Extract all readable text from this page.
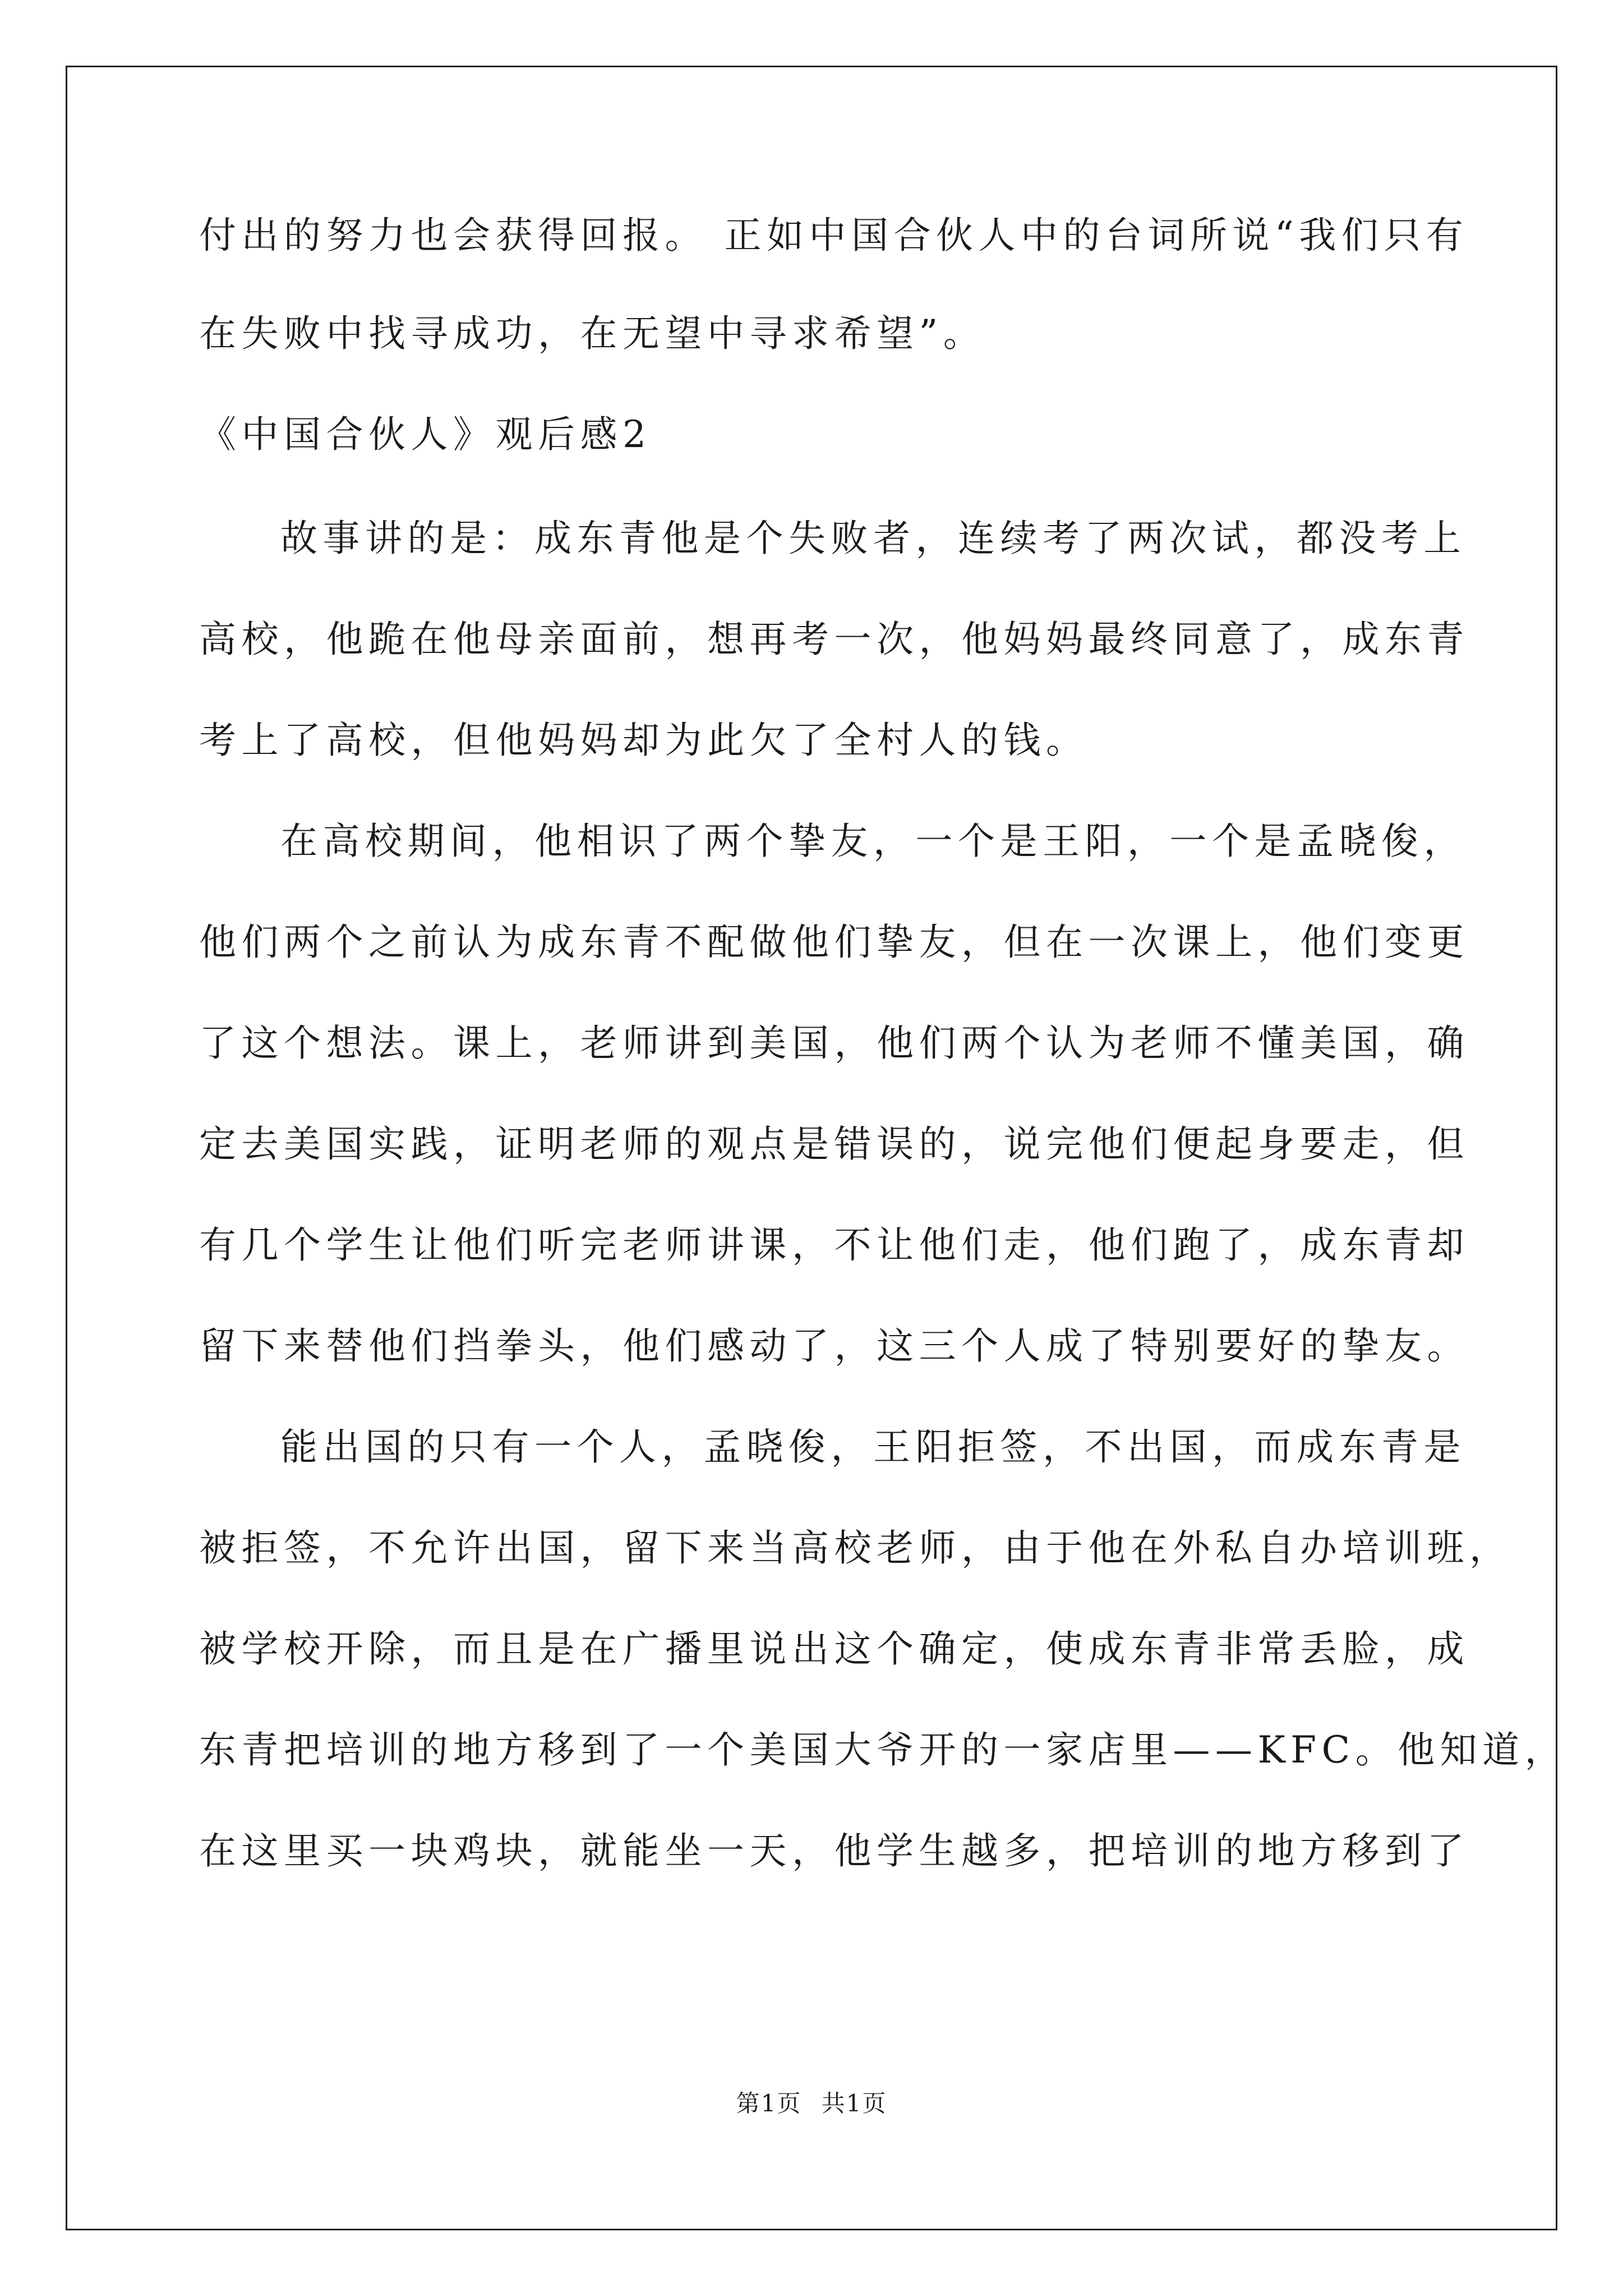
付出的努力也会获得回报。 正如中国合伙人中的台词所说“我们只有
在失败中找寻成功，在无望中寻求希望”。
《中国合伙人》观后感2
故事讲的是：成东青他是个失败者，连续考了两次试，都没考上
高校，他跪在他母亲面前，想再考一次，他妈妈最终同意了，成东青
考上了高校，但他妈妈却为此欠了全村人的钱。
在高校期间，他相识了两个挚友，一个是王阳，一个是孟晓俊，
他们两个之前认为成东青不配做他们挚友，但在一次课上，他们变更
了这个想法。课上，老师讲到美国，他们两个认为老师不懂美国，确
定去美国实践，证明老师的观点是错误的，说完他们便起身要走，但
有几个学生让他们听完老师讲课，不让他们走，他们跑了，成东青却
留下来替他们挡拳头，他们感动了，这三个人成了特别要好的挚友。
能出国的只有一个人，孟晓俊，王阳拒签，不出国，而成东青是
被拒签，不允许出国，留下来当高校老师，由于他在外私自办培训班，
被学校开除，而且是在广播里说出这个确定，使成东青非常丢脸，成
东青把培训的地方移到了一个美国大爷开的一家店里——KFC。他知道，
在这里买一块鸡块，就能坐一天，他学生越多，把培训的地方移到了
第1页 共1页
